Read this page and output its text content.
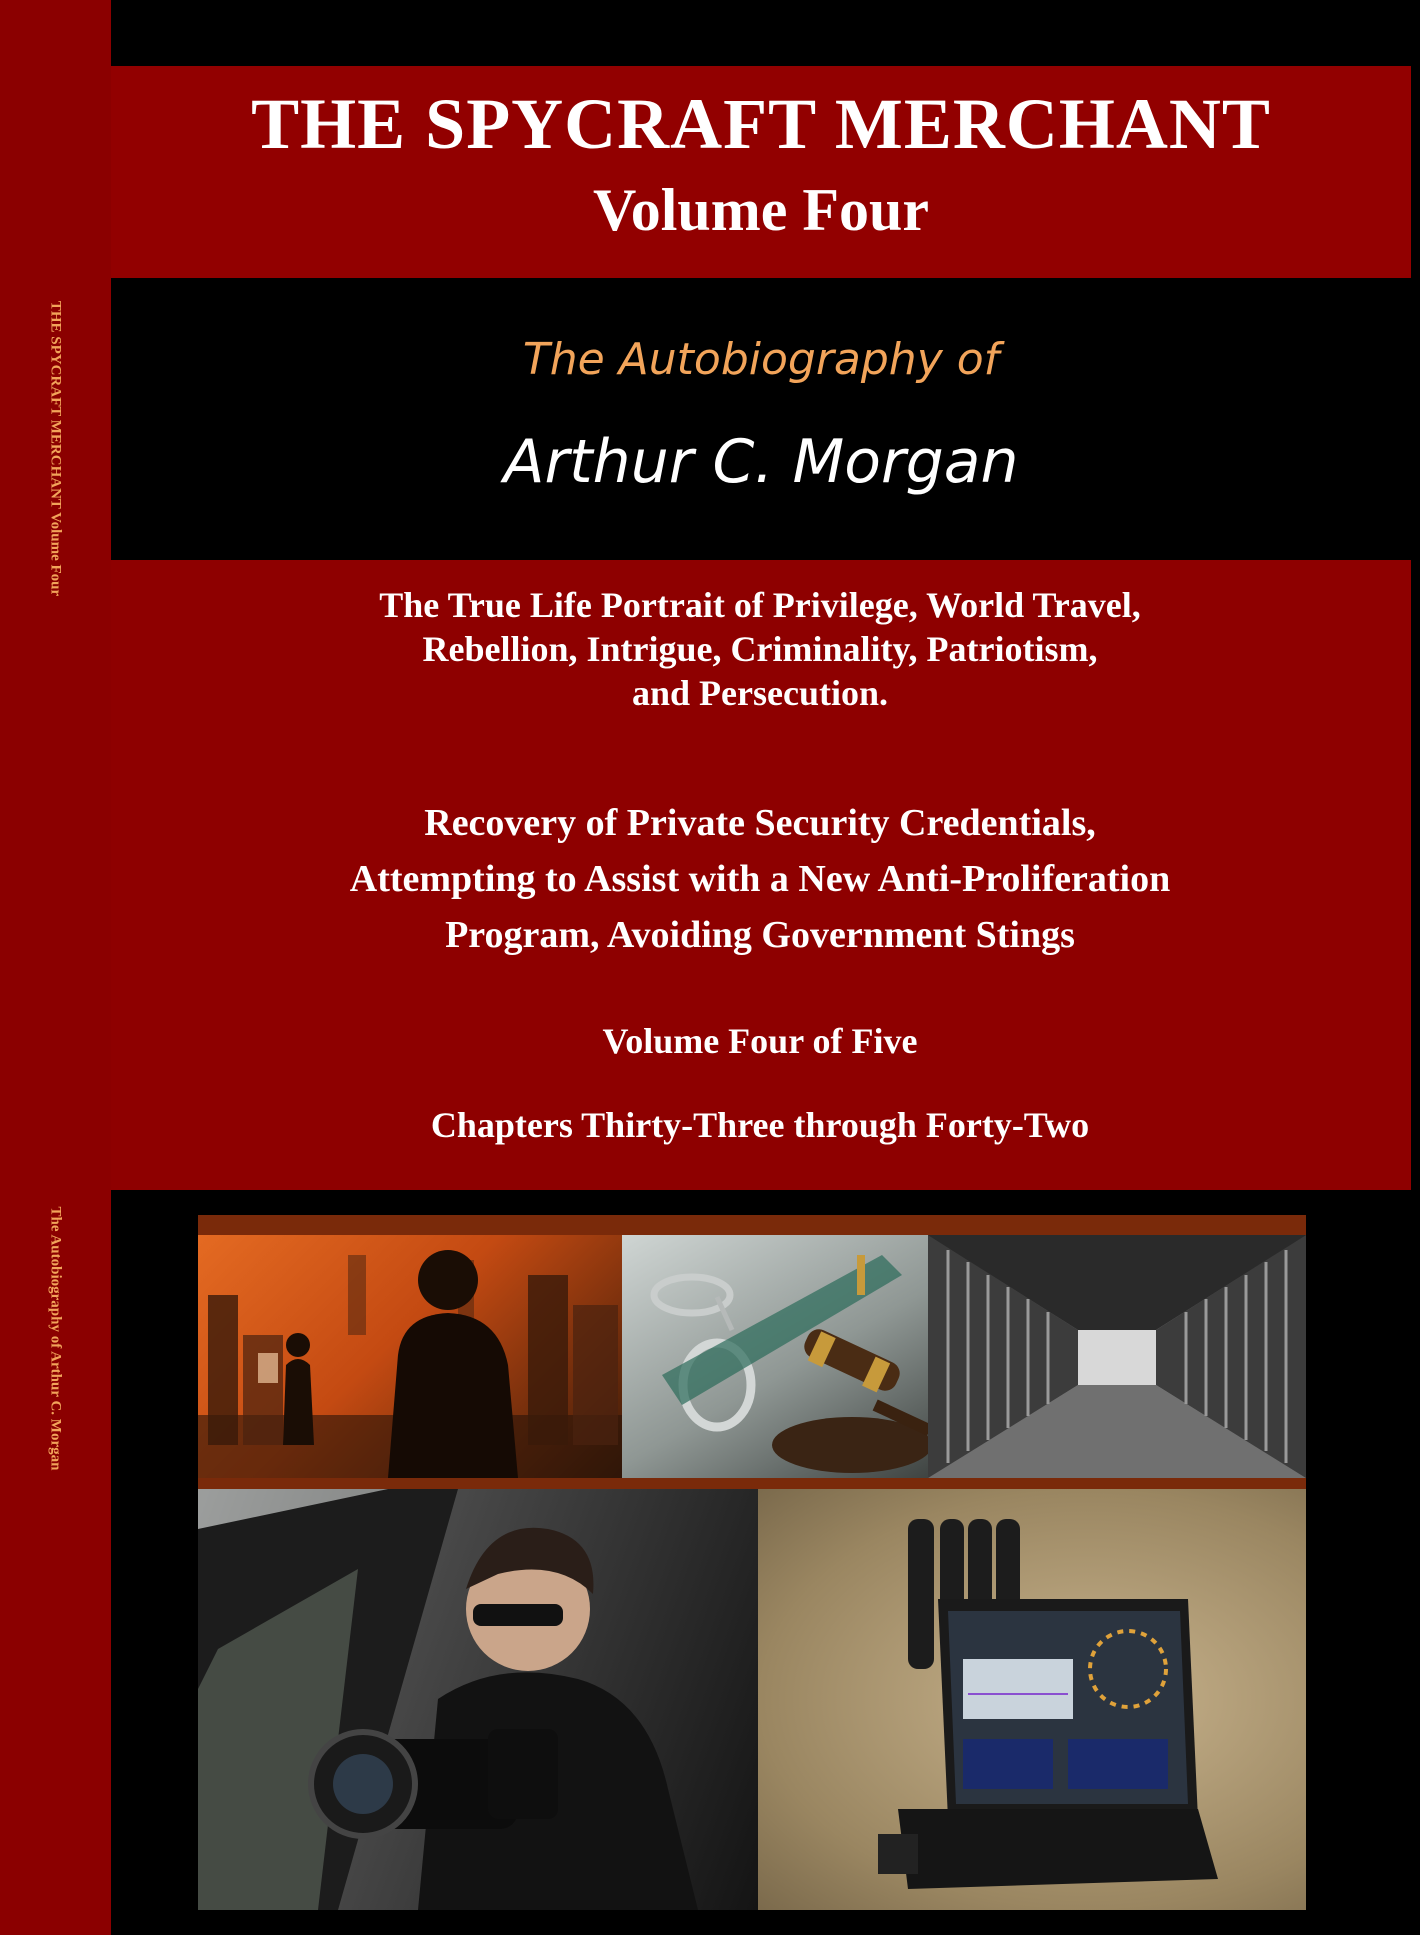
THE SPYCRAFT MERCHANT Volume Four
The Autobiography of Arthur C. Morgan
THE SPYCRAFT MERCHANT
Volume Four
The Autobiography of
Arthur C. Morgan

The True Life Portrait of Privilege, World Travel,
Rebellion, Intrigue, Criminality, Patriotism,
and Persecution.

Recovery of Private Security Credentials,
Attempting to Assist with a New Anti-Proliferation
Program, Avoiding Government Stings

Volume Four of Five

Chapters Thirty-Three through Forty-Two
